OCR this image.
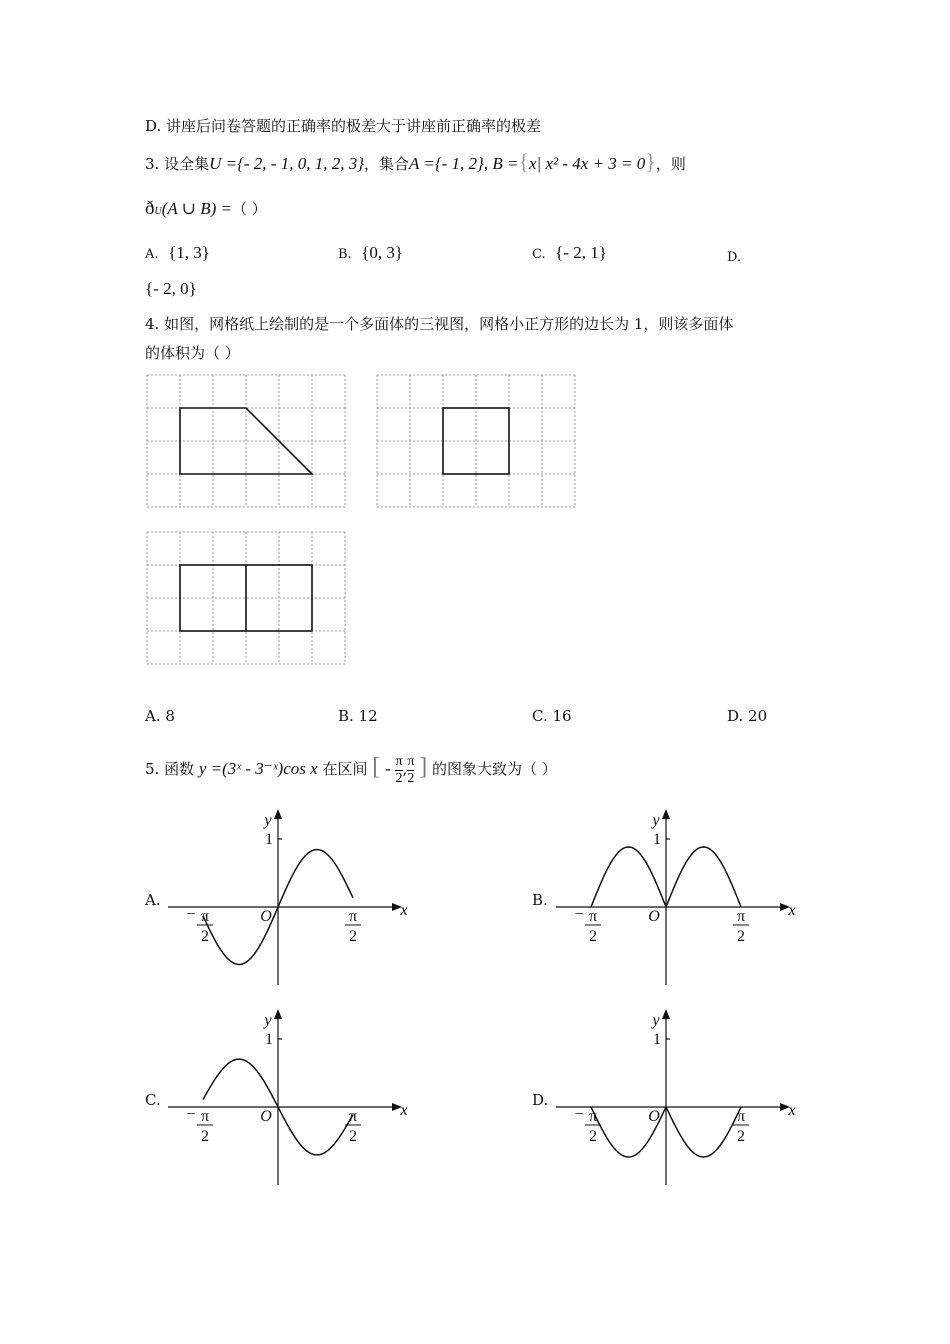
D. 讲座后问卷答题的正确率的极差大于讲座前正确率的极差
3. 设全集U ={- 2, - 1, 0, 1, 2, 3}，集合A ={- 1, 2}, B ={x| x² - 4x + 3 = 0}，则
ðU(A ∪ B) =（ ）
A. {1, 3}	B. {0, 3}	C. {- 2, 1}	D.
{- 2, 0}
4. 如图，网格纸上绘制的是一个多面体的三视图，网格小正方形的边长为 1，则该多面体
的体积为（ ）
A. 8	B. 12	C. 16	D. 20
5. 函数 y =(3ˣ - 3⁻ˣ)cos x 在区间 [ - $\frac{\pi}{2}$ , $\frac{\pi}{2}$ ] 的图象大致为（ ）
A.	B.
C.	D.
1
x
y
O
− π
2
π
2
1
x
y
O
− π
2
π
2
1
x
y
O
− π
2
π
2
1
x
y
O
− π
2
π
2
